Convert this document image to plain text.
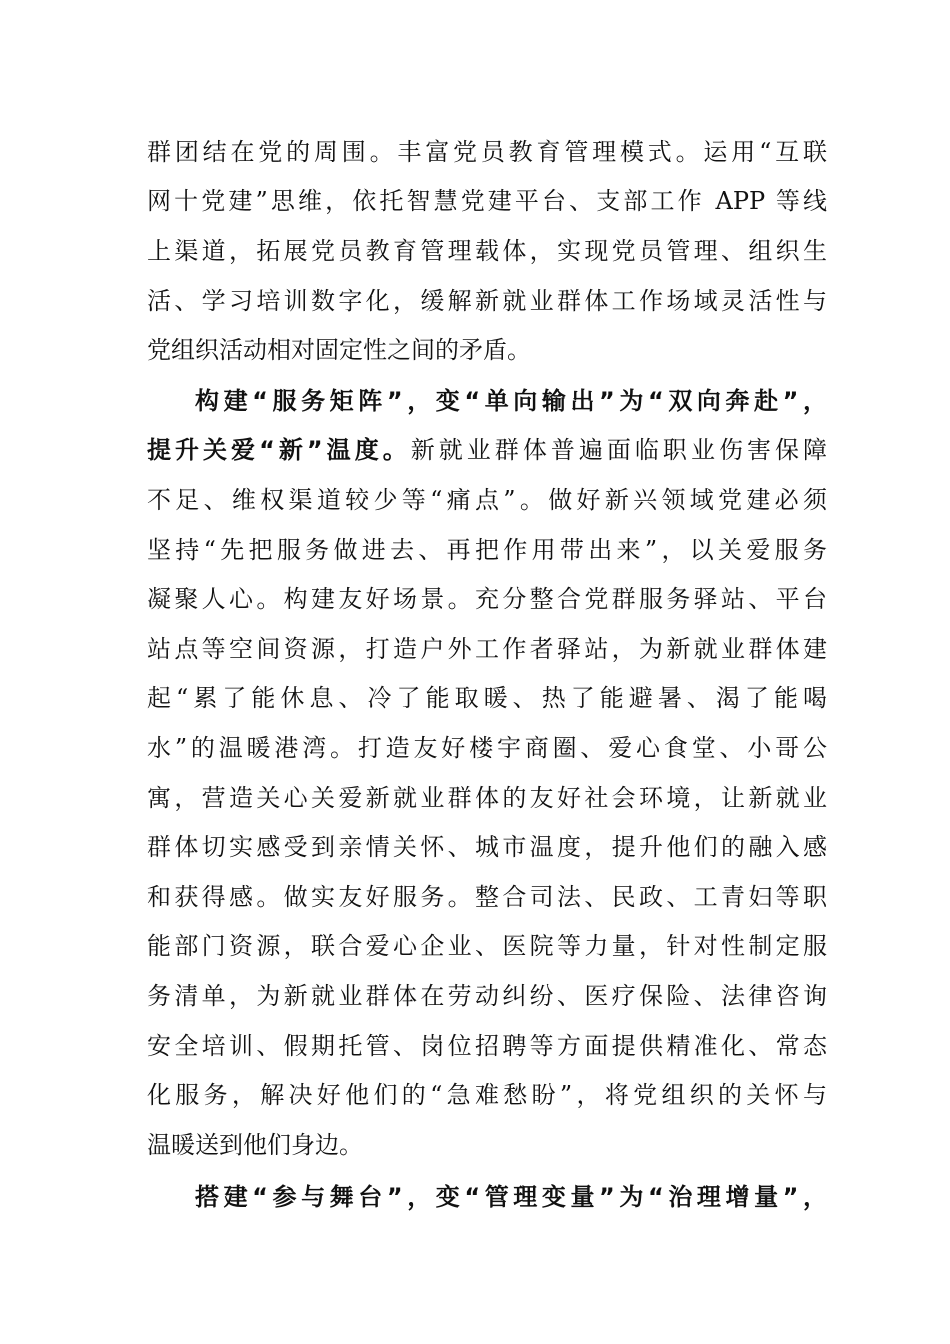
群团结在党的周围。丰富党员教育管理模式。运用“互联
网十党建”思维，依托智慧党建平台、支部工作 APP 等线
上渠道，拓展党员教育管理载体，实现党员管理、组织生
活、学习培训数字化，缓解新就业群体工作场域灵活性与
党组织活动相对固定性之间的矛盾。
构建“服务矩阵”，变“单向输出”为“双向奔赴”，
提升关爱“新”温度。新就业群体普遍面临职业伤害保障
不足、维权渠道较少等“痛点”。做好新兴领域党建必须
坚持“先把服务做进去、再把作用带出来”，以关爱服务
凝聚人心。构建友好场景。充分整合党群服务驿站、平台
站点等空间资源，打造户外工作者驿站，为新就业群体建
起“累了能休息、冷了能取暖、热了能避暑、渴了能喝
水”的温暖港湾。打造友好楼宇商圈、爱心食堂、小哥公
寓，营造关心关爱新就业群体的友好社会环境，让新就业
群体切实感受到亲情关怀、城市温度，提升他们的融入感
和获得感。做实友好服务。整合司法、民政、工青妇等职
能部门资源，联合爱心企业、医院等力量，针对性制定服
务清单，为新就业群体在劳动纠纷、医疗保险、法律咨询
安全培训、假期托管、岗位招聘等方面提供精准化、常态
化服务，解决好他们的“急难愁盼”，将党组织的关怀与
温暖送到他们身边。
搭建“参与舞台”，变“管理变量”为“治理增量”，
